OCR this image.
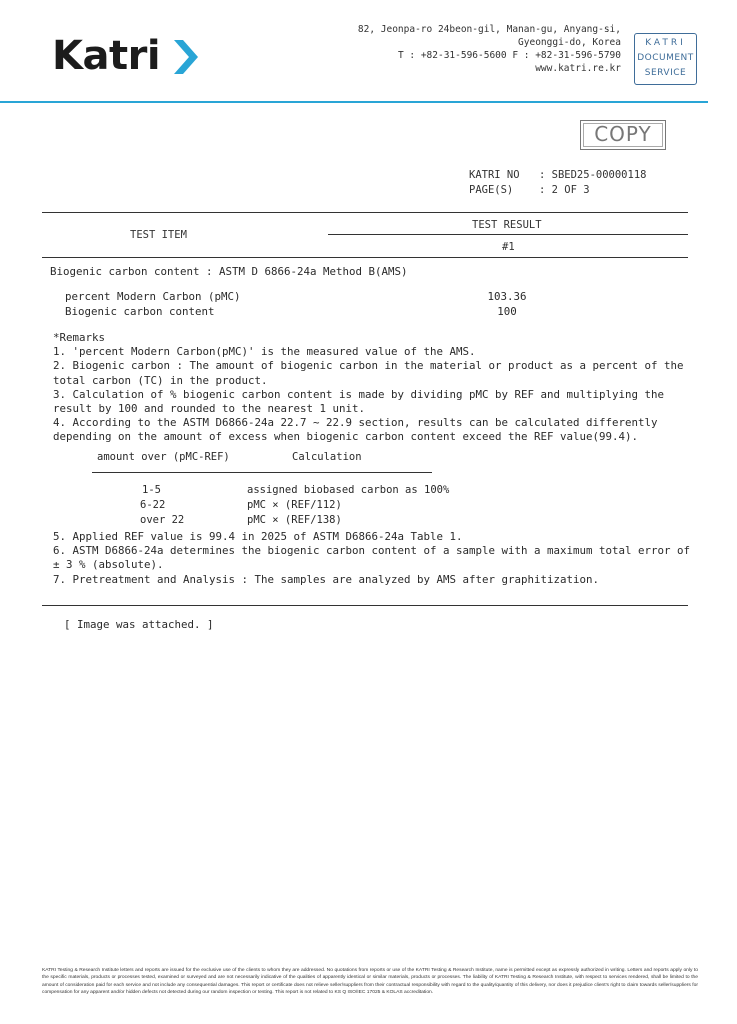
Katri
82, Jeonpa-ro 24beon-gil, Manan-gu, Anyang-si,
Gyeonggi-do, Korea
T : +82-31-596-5600 F : +82-31-596-5790
www.katri.re.kr
KATRI
DOCUMENT
SERVICE
COPY
KATRI NO	: SBED25-00000118
PAGE(S)	: 2 OF 3
TEST ITEM
TEST RESULT
#1
Biogenic carbon content : ASTM D 6866-24a Method B(AMS)
percent Modern Carbon (pMC)	103.36
Biogenic carbon content	100
*Remarks
1. 'percent Modern Carbon(pMC)' is the measured value of the AMS.
2. Biogenic carbon : The amount of biogenic carbon in the material or product as a percent of the
total carbon (TC) in the product.
3. Calculation of % biogenic carbon content is made by dividing pMC by REF and multiplying the
result by 100 and rounded to the nearest 1 unit.
4. According to the ASTM D6866-24a 22.7 ~ 22.9 section, results can be calculated differently
depending on the amount of excess when biogenic carbon content exceed the REF value(99.4).
amount over (pMC-REF)	Calculation
1-5	assigned biobased carbon as 100%
6-22	pMC × (REF/112)
over 22	pMC × (REF/138)
5. Applied REF value is 99.4 in 2025 of ASTM D6866-24a Table 1.
6. ASTM D6866-24a determines the biogenic carbon content of a sample with a maximum total error of
± 3 % (absolute).
7. Pretreatment and Analysis : The samples are analyzed by AMS after graphitization.
[ Image was attached. ]
KATRI Testing & Research Institute letters and reports are issued for the exclusive use of the clients to whom they are addressed. No quotations from reports or use of the KATRI Testing & Research Institute, name is permitted except as expressly authorized in writing. Letters and reports apply only to the specific materials, products or processes tested, examined or surveyed and are not necessarily indicative of the qualities of apparently identical or similar materials, products or processes. The liability of KATRI Testing & Research Institute, with respect to services rendered, shall be limited to the amount of consideration paid for each service and not include any consequential damages. This report or certificate does not relieve seller/suppliers from their contractual responsibility with regard to the quality/quantity of this delivery, nor does it prejudice client's right to claim towards seller/suppliers for compensation for any apparent and/or hidden defects not detected during our random inspection or testing. This report is not related to KS Q ISO/IEC 17025 & KOLAS accreditation.
